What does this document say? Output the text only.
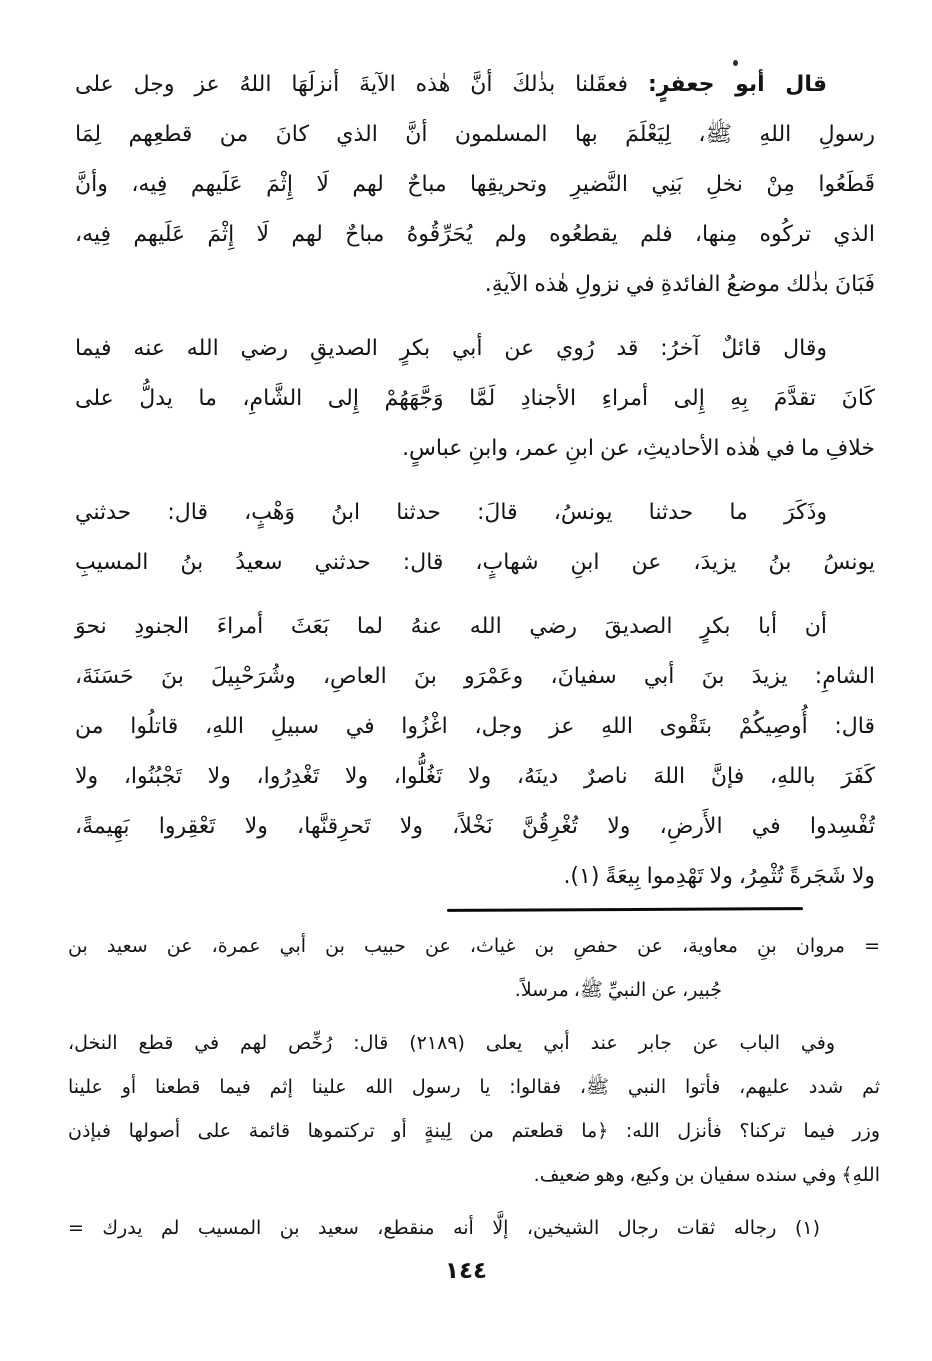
قال أبو جعفرٍ: فعقَلنا بذٰلكَ أنَّ هٰذه الآيةَ أنزلَهَا اللهُ عز وجل على
رسولِ اللهِ ﷺ، لِيَعْلَمَ بها المسلمون أنَّ الذي كانَ من قطعِهم لِمَا
قَطَعُوا مِنْ نخلِ بَنِي النَّضيرِ وتحريقِها مباحٌ لهم لَا إِثْمَ عَلَيهم فِيه، وأنَّ
الذي تركُوه مِنها، فلم يقطعُوه ولم يُحَرِّقُوهُ مباحٌ لهم لَا إِثْمَ عَلَيهم فِيه،
فَبَانَ بذٰلك موضعُ الفائدةِ في نزولِ هٰذه الآيةِ.
وقال قائلٌ آخرُ: قد رُوي عن أبي بكرٍ الصديقِ رضي الله عنه فيما
كَانَ تقدَّمَ بِهِ إِلى أمراءِ الأجنادِ لَمَّا وَجَّهَهُمْ إِلى الشَّامِ، ما يدلُّ على
خلافِ ما في هٰذه الأحاديثِ، عن ابنِ عمر، وابنِ عباسٍ.
وذَكَرَ ما حدثنا يونسُ، قالَ: حدثنا ابنُ وَهْبٍ، قال: حدثني
يونسُ بنُ يزيدَ، عن ابنِ شهابٍ، قال: حدثني سعيدُ بنُ المسيبِ
أن أبا بكرٍ الصديقَ رضي الله عنهُ لما بَعَثَ أمراءَ الجنودِ نحوَ
الشامِ: يزيدَ بنَ أبي سفيانَ، وعَمْرَو بنَ العاصِ، وشُرَحْبِيلَ بنَ حَسَنَةَ،
قال: أُوصِيكُمْ بتَقْوى اللهِ عز وجل، اغْزُوا في سبيلِ اللهِ، قاتلُوا من
كَفَرَ باللهِ، فإنَّ اللهَ ناصرٌ دينَهُ، ولا تَغُلُّوا، ولا تَغْدِرُوا، ولا تَجْبُنُوا، ولا
تُفْسِدوا في الأَرضِ، ولا تُغْرِقُنَّ نَخْلاً، ولا تَحرِقنَّها، ولا تَعْقِروا بَهِيمةً،
ولا شَجَرةً تُثْمِرُ، ولا تَهْدِموا بِيعَةً (١).
= مروان بنِ معاوية، عن حفصِ بن غياث، عن حبيب بن أبي عمرة، عن سعيد بن
جُبير، عن النبيِّ ﷺ، مرسلاً.
وفي الباب عن جابر عند أبي يعلى (٢١٨٩) قال: رُخِّص لهم في قطع النخل،
ثم شدد عليهم، فأتوا النبي ﷺ، فقالوا: يا رسول الله علينا إثم فيما قطعنا أو علينا
وزر فيما تركنا؟ فأنزل الله: ﴿ما قطعتم من لِينةٍ أو تركتموها قائمة على أصولها فبإذن
اللهِ﴾ وفي سنده سفيان بن وكيع، وهو ضعيف.
(١) رجاله ثقات رجال الشيخين، إلَّا أنه منقطع، سعيد بن المسيب لم يدرك =
١٤٤
